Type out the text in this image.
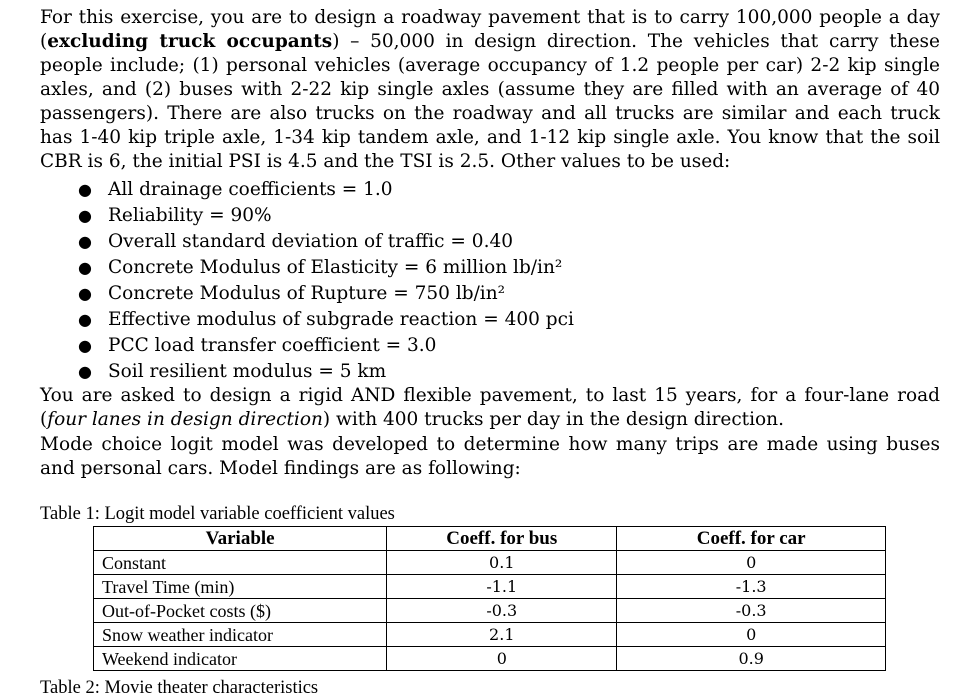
For this exercise, you are to design a roadway pavement that is to carry 100,000 people a day (excluding truck occupants) – 50,000 in design direction. The vehicles that carry these people include; (1) personal vehicles (average occupancy of 1.2 people per car) 2-2 kip single axles, and (2) buses with 2-22 kip single axles (assume they are filled with an average of 40 passengers). There are also trucks on the roadway and all trucks are similar and each truck has 1-40 kip triple axle, 1-34 kip tandem axle, and 1-12 kip single axle. You know that the soil CBR is 6, the initial PSI is 4.5 and the TSI is 2.5. Other values to be used:

● All drainage coefficients = 1.0
● Reliability = 90%
● Overall standard deviation of traffic = 0.40
● Concrete Modulus of Elasticity = 6 million lb/in²
● Concrete Modulus of Rupture = 750 lb/in²
● Effective modulus of subgrade reaction = 400 pci
● PCC load transfer coefficient = 3.0
● Soil resilient modulus = 5 km

You are asked to design a rigid AND flexible pavement, to last 15 years, for a four-lane road (four lanes in design direction) with 400 trucks per day in the design direction.

Mode choice logit model was developed to determine how many trips are made using buses and personal cars. Model findings are as following:

Table 1: Logit model variable coefficient values
Variable	Coeff. for bus	Coeff. for car
Constant	0.1	0
Travel Time (min)	-1.1	-1.3
Out-of-Pocket costs ($)	-0.3	-0.3
Snow weather indicator	2.1	0
Weekend indicator	0	0.9
Table 2: Movie theater characteristics
